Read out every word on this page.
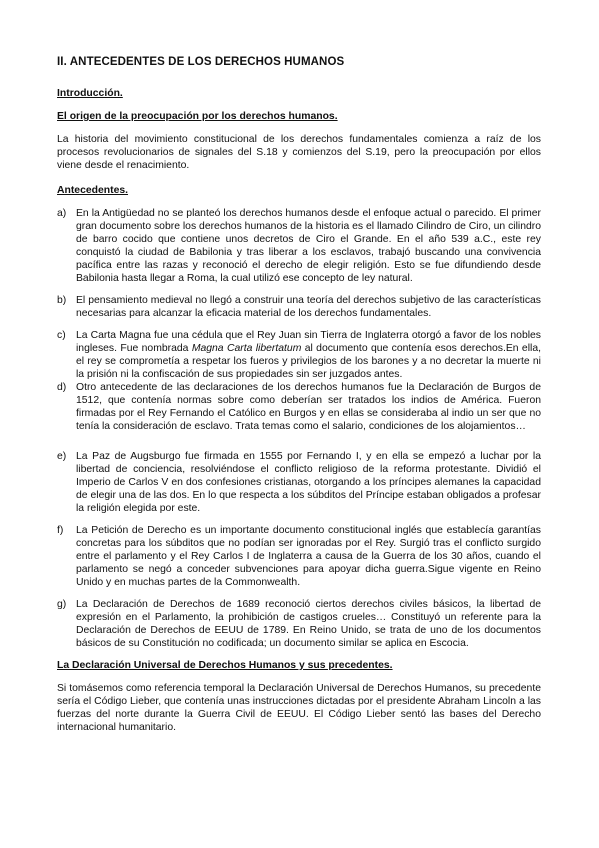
II. ANTECEDENTES DE LOS DERECHOS HUMANOS
Introducción.
El origen de la preocupación por los derechos humanos.

La historia del movimiento constitucional de los derechos fundamentales comienza a raíz de los procesos revolucionarios de signales del S.18 y comienzos del S.19, pero la preocupación por ellos viene desde el renacimiento.

Antecedentes.
a) En la Antigüedad no se planteó los derechos humanos desde el enfoque actual o parecido. El primer gran documento sobre los derechos humanos de la historia es el llamado Cilindro de Ciro, un cilindro de barro cocido que contiene unos decretos de Ciro el Grande. En el año 539 a.C., este rey conquistó la ciudad de Babilonia y tras liberar a los esclavos, trabajó buscando una convivencia pacífica entre las razas y reconoció el derecho de elegir religión. Esto se fue difundiendo desde Babilonia hasta llegar a Roma, la cual utilizó ese concepto de ley natural.
b) El pensamiento medieval no llegó a construir una teoría del derechos subjetivo de las características necesarias para alcanzar la eficacia material de los derechos fundamentales.
c) La Carta Magna fue una cédula que el Rey Juan sin Tierra de Inglaterra otorgó a favor de los nobles ingleses. Fue nombrada Magna Carta libertatum al documento que contenía esos derechos.En ella, el rey se comprometía a respetar los fueros y privilegios de los barones y a no decretar la muerte ni la prisión ni la confiscación de sus propiedades sin ser juzgados antes.
d) Otro antecedente de las declaraciones de los derechos humanos fue la Declaración de Burgos de 1512, que contenía normas sobre como deberían ser tratados los indios de América. Fueron firmadas por el Rey Fernando el Católico en Burgos y en ellas se consideraba al indio un ser que no tenía la consideración de esclavo. Trata temas como el salario, condiciones de los alojamientos…
e) La Paz de Augsburgo fue firmada en 1555 por Fernando I, y en ella se empezó a luchar por la libertad de conciencia, resolviéndose el conflicto religioso de la reforma protestante. Dividió el Imperio de Carlos V en dos confesiones cristianas, otorgando a los príncipes alemanes la capacidad de elegir una de las dos. En lo que respecta a los súbditos del Príncipe estaban obligados a profesar la religión elegida por este.
f)	La Petición de Derecho es un importante documento constitucional inglés que establecía garantías concretas para los súbditos que no podían ser ignoradas por el Rey. Surgió tras el conflicto surgido entre el parlamento y el Rey Carlos I de Inglaterra a causa de la Guerra de los 30 años, cuando el parlamento se negó a conceder subvenciones para apoyar dicha guerra.Sigue vigente en Reino Unido y en muchas partes de la Commonwealth.
g) La Declaración de Derechos de 1689 reconoció ciertos derechos civiles básicos, la libertad de expresión en el Parlamento, la prohibición de castigos crueles… Constituyó un referente para la Declaración de Derechos de EEUU de 1789. En Reino Unido, se trata de uno de los documentos básicos de su Constitución no codificada; un documento similar se aplica en Escocia.
La Declaración Universal de Derechos Humanos y sus precedentes.

Si tomásemos como referencia temporal la Declaración Universal de Derechos Humanos, su precedente sería el Código Lieber, que contenía unas instrucciones dictadas por el presidente Abraham Lincoln a las fuerzas del norte durante la Guerra Civil de EEUU. El Código Lieber sentó las bases del Derecho internacional humanitario.
